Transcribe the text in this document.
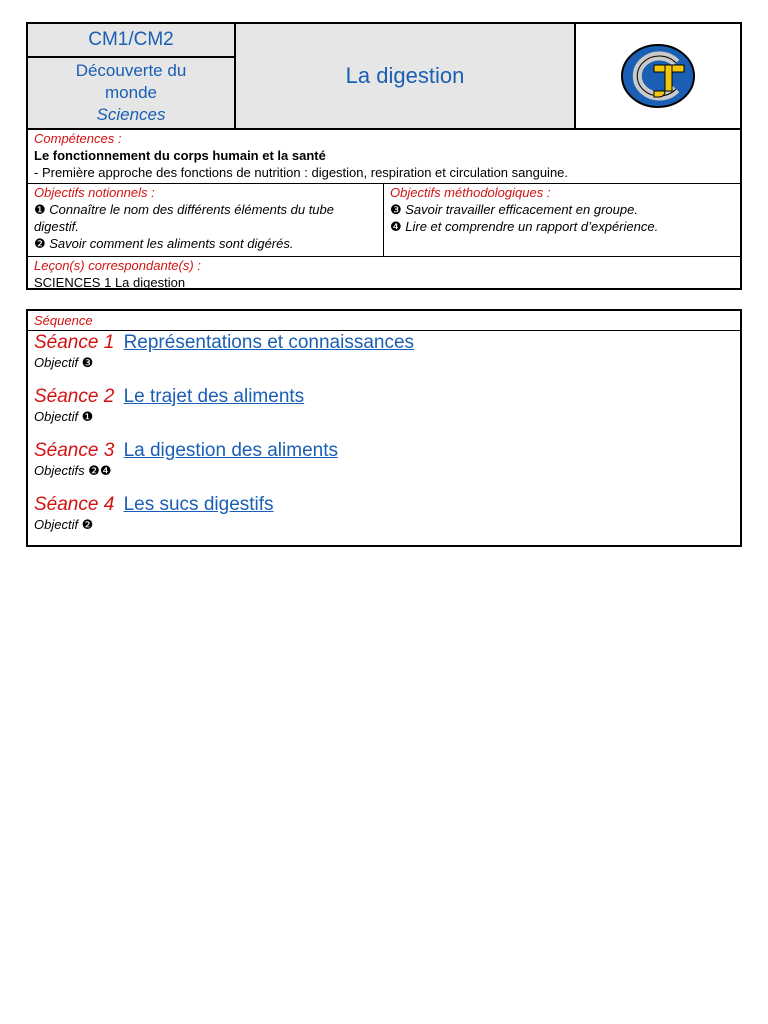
CM1/CM2
Découverte du
monde
Sciences
La digestion
Compétences :
Le fonctionnement du corps humain et la santé
- Première approche des fonctions de nutrition : digestion, respiration et circulation sanguine.
Objectifs notionnels :
❶ Connaître le nom des différents éléments du tube digestif.
❷ Savoir comment les aliments sont digérés.
Objectifs méthodologiques :
❸ Savoir travailler efficacement en groupe.
❹ Lire et comprendre un rapport d’expérience.
Leçon(s) correspondante(s) :
SCIENCES 1 La digestion
Séquence
Séance 1 Représentations et connaissances
Objectif ❸
Séance 2 Le trajet des aliments
Objectif ❶
Séance 3 La digestion des aliments
Objectifs ❷❹
Séance 4 Les sucs digestifs
Objectif ❷
